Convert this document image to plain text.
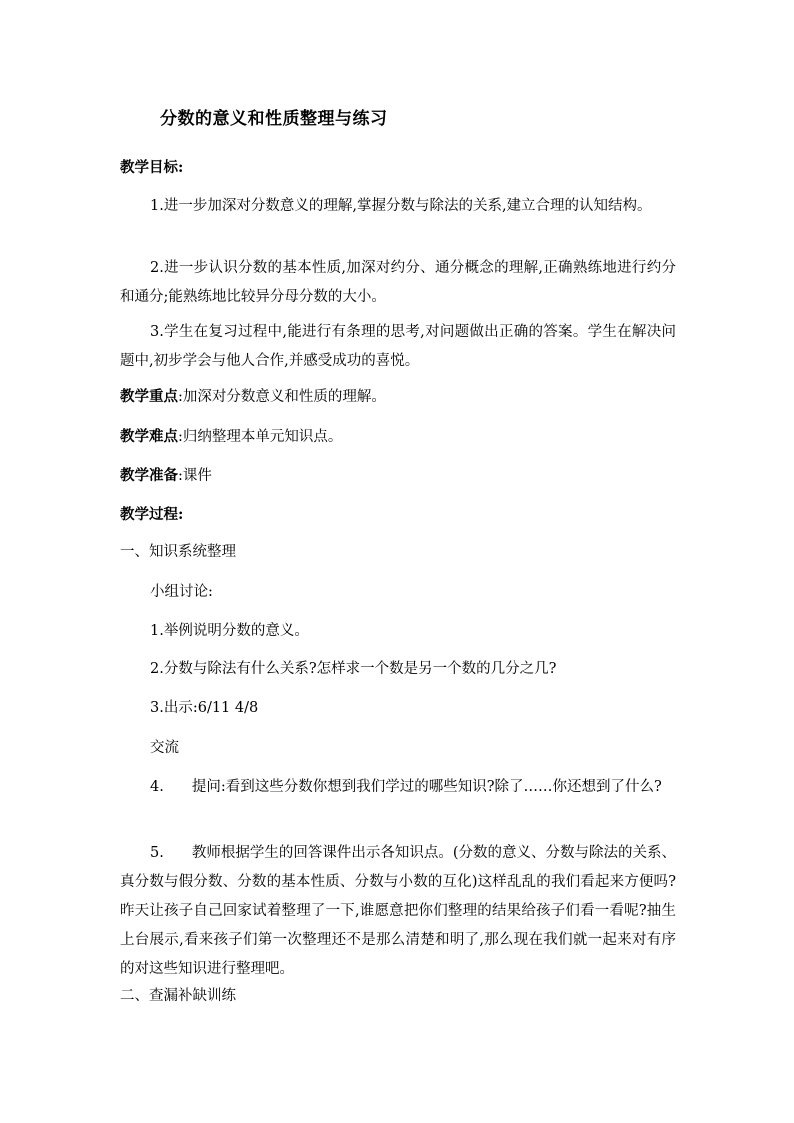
分数的意义和性质整理与练习
教学目标:
1.进一步加深对分数意义的理解,掌握分数与除法的关系,建立合理的认知结构。
2.进一步认识分数的基本性质,加深对约分、通分概念的理解,正确熟练地进行约分和通分;能熟练地比较异分母分数的大小。
3.学生在复习过程中,能进行有条理的思考,对问题做出正确的答案。学生在解决问题中,初步学会与他人合作,并感受成功的喜悦。
教学重点:加深对分数意义和性质的理解。
教学难点:归纳整理本单元知识点。
教学准备:课件
教学过程:
一、知识系统整理
小组讨论:
1.举例说明分数的意义。
2.分数与除法有什么关系?怎样求一个数是另一个数的几分之几?
3.出示:6/11 4/8
交流
4. 提问:看到这些分数你想到我们学过的哪些知识?除了……你还想到了什么?
5. 教师根据学生的回答课件出示各知识点。(分数的意义、分数与除法的关系、真分数与假分数、分数的基本性质、分数与小数的互化)这样乱乱的我们看起来方便吗?昨天让孩子自己回家试着整理了一下,谁愿意把你们整理的结果给孩子们看一看呢?抽生上台展示,看来孩子们第一次整理还不是那么清楚和明了,那么现在我们就一起来对有序的对这些知识进行整理吧。
二、查漏补缺训练
